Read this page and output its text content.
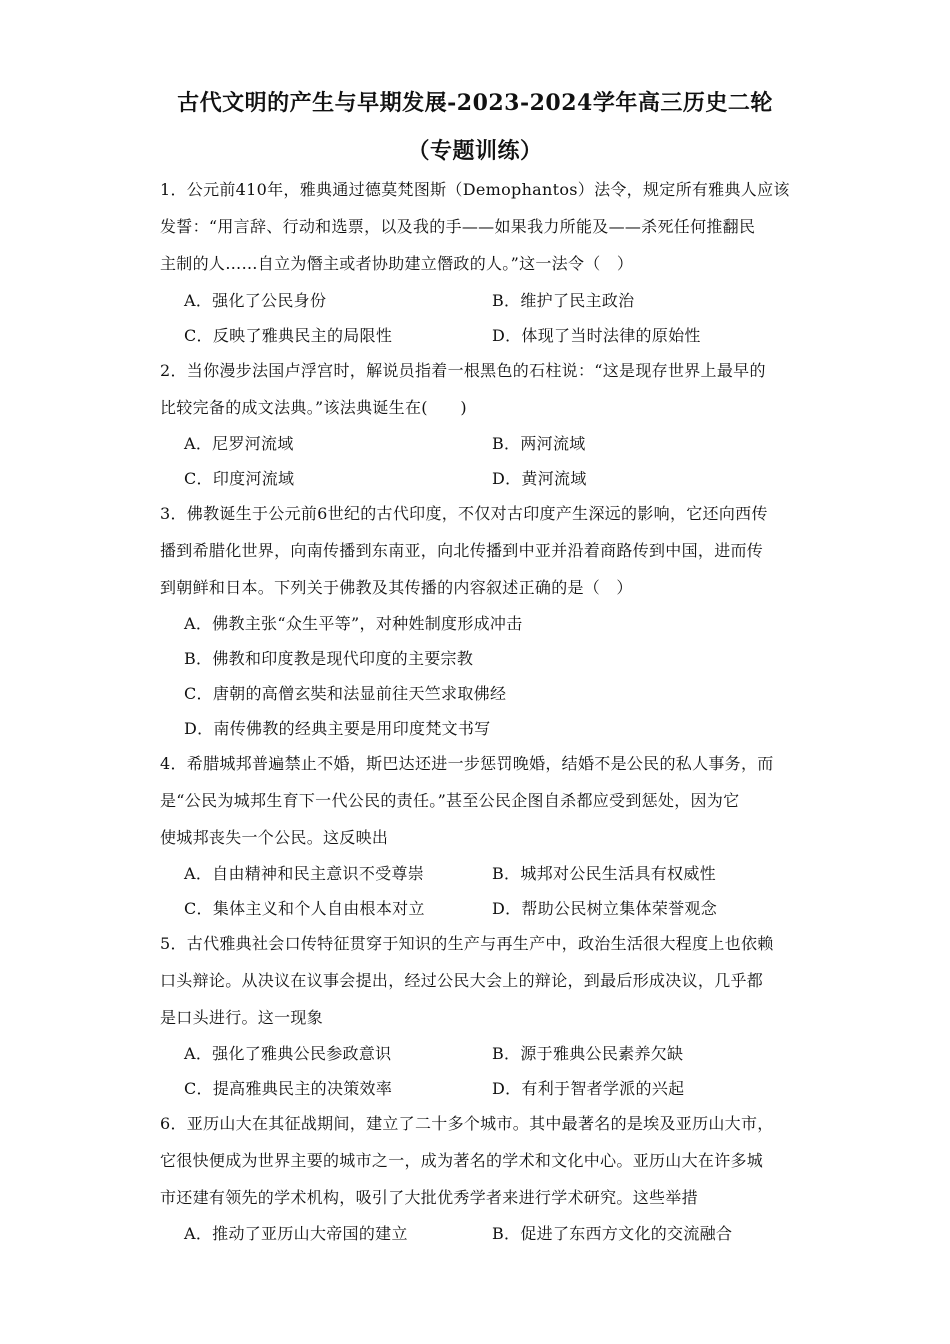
古代文明的产生与早期发展-2023-2024学年高三历史二轮
（专题训练）
1．公元前410年，雅典通过德莫梵图斯（Demophantos）法令，规定所有雅典人应该
发誓：“用言辞、行动和选票，以及我的手——如果我力所能及——杀死任何推翻民
主制的人……自立为僭主或者协助建立僭政的人。”这一法令（　）
A．强化了公民身份	B．维护了民主政治
C．反映了雅典民主的局限性	D．体现了当时法律的原始性
2．当你漫步法国卢浮宫时，解说员指着一根黑色的石柱说：“这是现存世界上最早的
比较完备的成文法典。”该法典诞生在(　　)
A．尼罗河流域	B．两河流域
C．印度河流域	D．黄河流域
3．佛教诞生于公元前6世纪的古代印度，不仅对古印度产生深远的影响，它还向西传
播到希腊化世界，向南传播到东南亚，向北传播到中亚并沿着商路传到中国，进而传
到朝鲜和日本。下列关于佛教及其传播的内容叙述正确的是（　）
A．佛教主张“众生平等”，对种姓制度形成冲击
B．佛教和印度教是现代印度的主要宗教
C．唐朝的高僧玄奘和法显前往天竺求取佛经
D．南传佛教的经典主要是用印度梵文书写
4．希腊城邦普遍禁止不婚，斯巴达还进一步惩罚晚婚，结婚不是公民的私人事务，而
是“公民为城邦生育下一代公民的责任。”甚至公民企图自杀都应受到惩处，因为它
使城邦丧失一个公民。这反映出
A．自由精神和民主意识不受尊崇	B．城邦对公民生活具有权威性
C．集体主义和个人自由根本对立	D．帮助公民树立集体荣誉观念
5．古代雅典社会口传特征贯穿于知识的生产与再生产中，政治生活很大程度上也依赖
口头辩论。从决议在议事会提出，经过公民大会上的辩论，到最后形成决议，几乎都
是口头进行。这一现象
A．强化了雅典公民参政意识	B．源于雅典公民素养欠缺
C．提高雅典民主的决策效率	D．有利于智者学派的兴起
6．亚历山大在其征战期间，建立了二十多个城市。其中最著名的是埃及亚历山大市，
它很快便成为世界主要的城市之一，成为著名的学术和文化中心。亚历山大在许多城
市还建有领先的学术机构，吸引了大批优秀学者来进行学术研究。这些举措
A．推动了亚历山大帝国的建立	B．促进了东西方文化的交流融合
